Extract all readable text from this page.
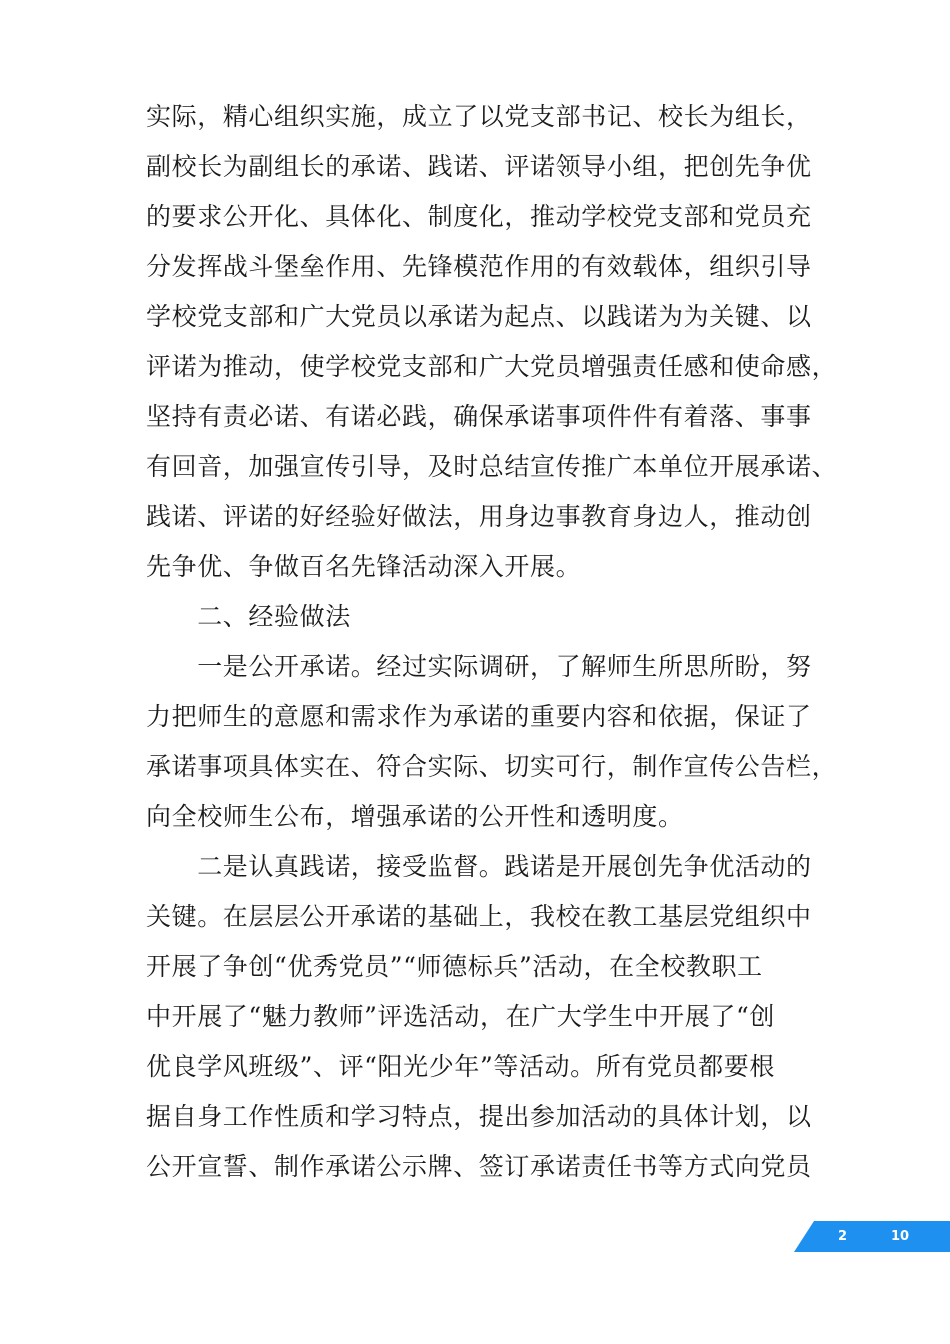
实际，精心组织实施，成立了以党支部书记、校长为组长，
副校长为副组长的承诺、践诺、评诺领导小组，把创先争优
的要求公开化、具体化、制度化，推动学校党支部和党员充
分发挥战斗堡垒作用、先锋模范作用的有效载体，组织引导
学校党支部和广大党员以承诺为起点、以践诺为为关键、以
评诺为推动，使学校党支部和广大党员增强责任感和使命感，
坚持有责必诺、有诺必践，确保承诺事项件件有着落、事事
有回音，加强宣传引导，及时总结宣传推广本单位开展承诺、
践诺、评诺的好经验好做法，用身边事教育身边人，推动创
先争优、争做百名先锋活动深入开展。
　　二、经验做法
　　一是公开承诺。经过实际调研，了解师生所思所盼，努
力把师生的意愿和需求作为承诺的重要内容和依据，保证了
承诺事项具体实在、符合实际、切实可行，制作宣传公告栏，
向全校师生公布，增强承诺的公开性和透明度。
　　二是认真践诺，接受监督。践诺是开展创先争优活动的
关键。在层层公开承诺的基础上，我校在教工基层党组织中
开展了争创“优秀党员”“师德标兵”活动，在全校教职工
中开展了“魅力教师”评选活动，在广大学生中开展了“创
优良学风班级”、评“阳光少年”等活动。所有党员都要根
据自身工作性质和学习特点，提出参加活动的具体计划，以
公开宣誓、制作承诺公示牌、签订承诺责任书等方式向党员
2	10
